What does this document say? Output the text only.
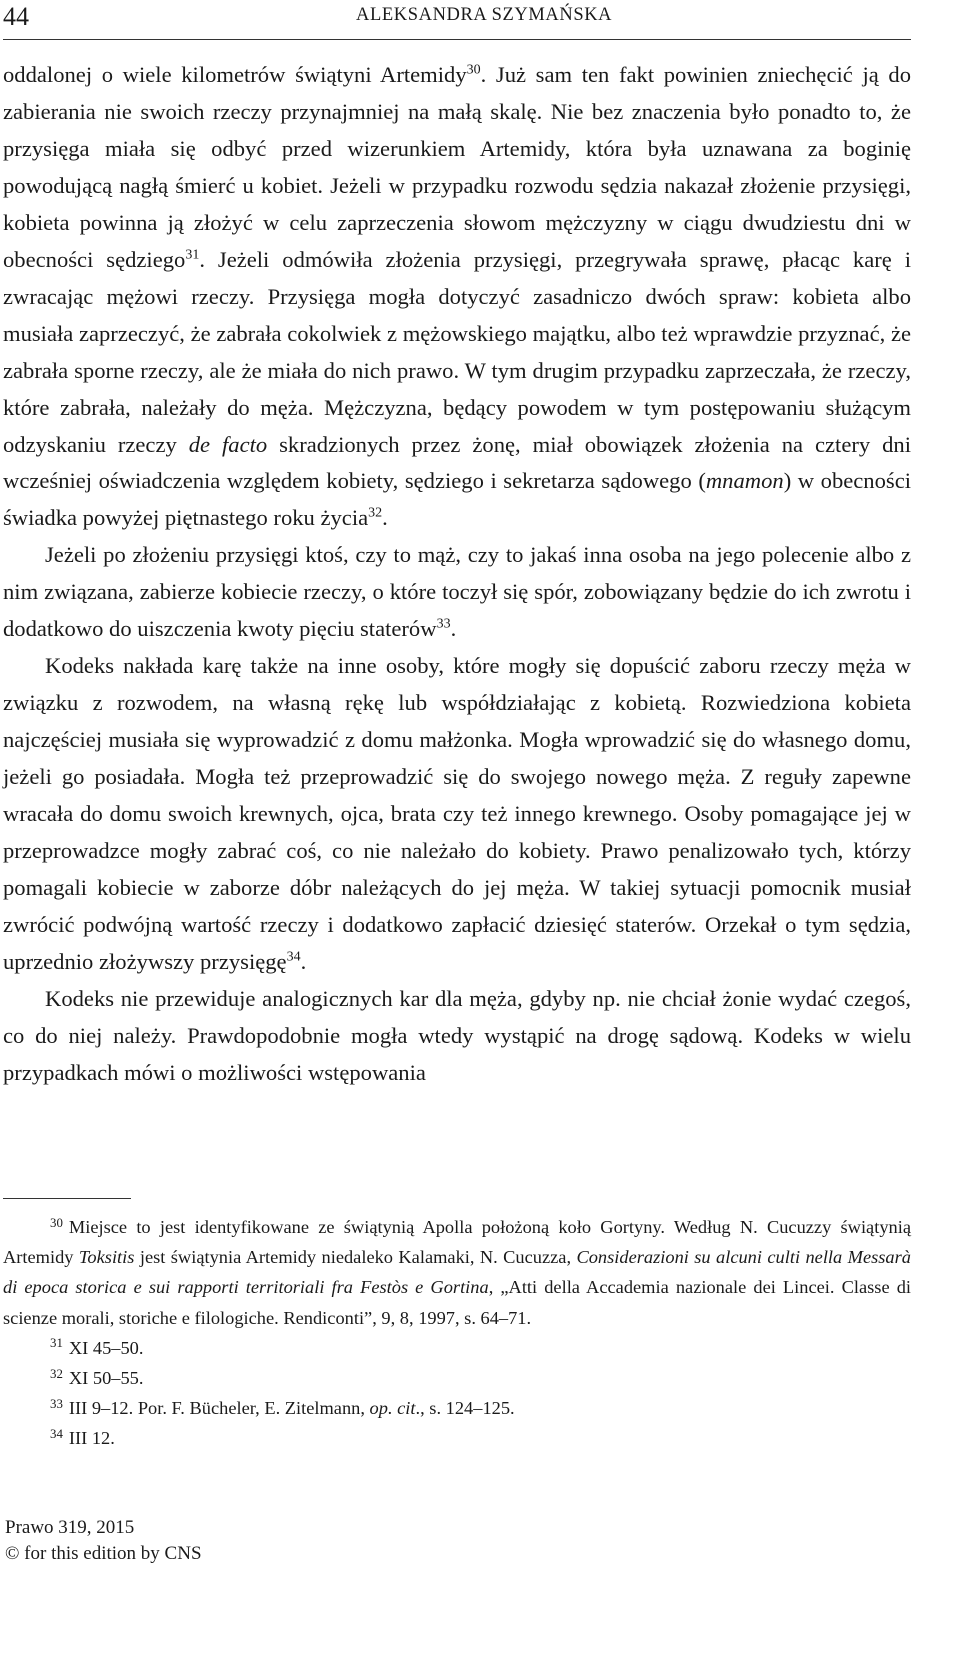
44	ALEKSANDRA SZYMAŃSKA

oddalonej o wiele kilometrów świątyni Artemidy$^{30}$. Już sam ten fakt powinien zniechęcić ją do zabierania nie swoich rzeczy przynajmniej na małą skalę. Nie bez znaczenia było ponadto to, że przysięga miała się odbyć przed wizerunkiem Artemidy, która była uznawana za boginię powodującą nagłą śmierć u kobiet. Jeżeli w przypadku rozwodu sędzia nakazał złożenie przysięgi, kobieta powinna ją złożyć w celu zaprzeczenia słowom mężczyzny w ciągu dwudziestu dni w obecności sędziego$^{31}$. Jeżeli odmówiła złożenia przysięgi, przegrywała sprawę, płacąc karę i zwracając mężowi rzeczy. Przysięga mogła dotyczyć zasadniczo dwóch spraw: kobieta albo musiała zaprzeczyć, że zabrała cokolwiek z mężowskiego majątku, albo też wprawdzie przyznać, że zabrała sporne rzeczy, ale że miała do nich prawo. W tym drugim przypadku zaprzeczała, że rzeczy, które zabrała, należały do męża. Mężczyzna, będący powodem w tym postępowaniu służącym odzyskaniu rzeczy de facto skradzionych przez żonę, miał obowiązek złożenia na cztery dni wcześniej oświadczenia względem kobiety, sędziego i sekretarza sądowego (mnamon) w obecności świadka powyżej piętnastego roku życia$^{32}$.

Jeżeli po złożeniu przysięgi ktoś, czy to mąż, czy to jakaś inna osoba na jego polecenie albo z nim związana, zabierze kobiecie rzeczy, o które toczył się spór, zobowiązany będzie do ich zwrotu i dodatkowo do uiszczenia kwoty pięciu staterów$^{33}$.

Kodeks nakłada karę także na inne osoby, które mogły się dopuścić zaboru rzeczy męża w związku z rozwodem, na własną rękę lub współdziałając z kobietą. Rozwiedziona kobieta najczęściej musiała się wyprowadzić z domu małżonka. Mogła wprowadzić się do własnego domu, jeżeli go posiadała. Mogła też przeprowadzić się do swojego nowego męża. Z reguły zapewne wracała do domu swoich krewnych, ojca, brata czy też innego krewnego. Osoby pomagające jej w przeprowadzce mogły zabrać coś, co nie należało do kobiety. Prawo penalizowało tych, którzy pomagali kobiecie w zaborze dóbr należących do jej męża. W takiej sytuacji pomocnik musiał zwrócić podwójną wartość rzeczy i dodatkowo zapłacić dziesięć staterów. Orzekał o tym sędzia, uprzednio złożywszy przysięgę$^{34}$.

Kodeks nie przewiduje analogicznych kar dla męża, gdyby np. nie chciał żonie wydać czegoś, co do niej należy. Prawdopodobnie mogła wtedy wystąpić na drogę sądową. Kodeks w wielu przypadkach mówi o możliwości wstępowania

$^{30}$ Miejsce to jest identyfikowane ze świątynią Apolla położoną koło Gortyny. Według N. Cucuzzy świątynią Artemidy Toksitis jest świątynia Artemidy niedaleko Kalamaki, N. Cucuzza, Considerazioni su alcuni culti nella Messarà di epoca storica e sui rapporti territoriali fra Festòs e Gortina, „Atti della Accademia nazionale dei Lincei. Classe di scienze morali, storiche e filologiche. Rendiconti”, 9, 8, 1997, s. 64–71.

$^{31}$ XI 45–50.

$^{32}$ XI 50–55.

$^{33}$ III 9–12. Por. F. Bücheler, E. Zitelmann, op. cit., s. 124–125.

$^{34}$ III 12.

Prawo 319, 2015
© for this edition by CNS
